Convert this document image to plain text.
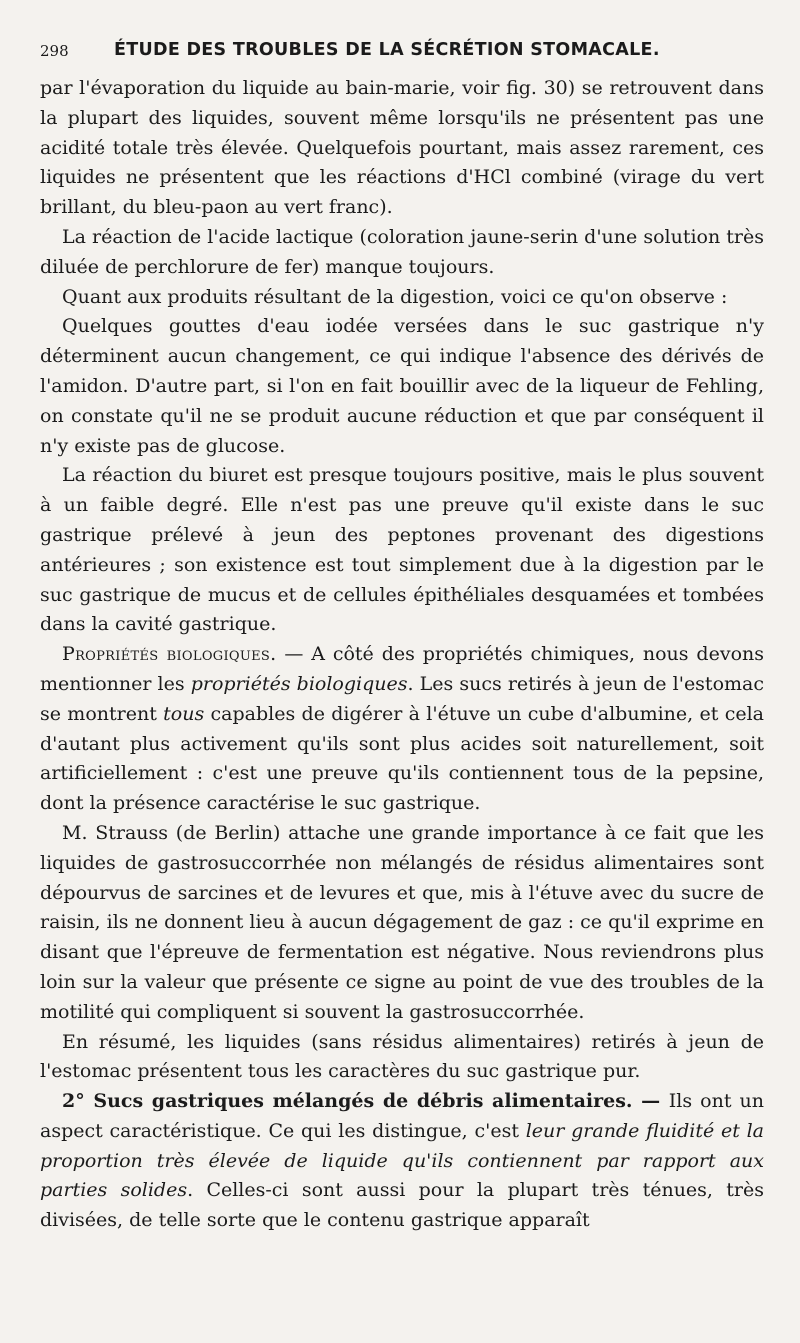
298	ÉTUDE DES TROUBLES DE LA SÉCRÉTION STOMACALE.

par l'évaporation du liquide au bain-marie, voir fig. 30) se retrouvent dans la plupart des liquides, souvent même lorsqu'ils ne présentent pas une acidité totale très élevée. Quelquefois pourtant, mais assez rarement, ces liquides ne présentent que les réactions d'HCl combiné (virage du vert brillant, du bleu-paon au vert franc).

La réaction de l'acide lactique (coloration jaune-serin d'une solution très diluée de perchlorure de fer) manque toujours.

Quant aux produits résultant de la digestion, voici ce qu'on observe :

Quelques gouttes d'eau iodée versées dans le suc gastrique n'y déterminent aucun changement, ce qui indique l'absence des dérivés de l'amidon. D'autre part, si l'on en fait bouillir avec de la liqueur de Fehling, on constate qu'il ne se produit aucune réduction et que par conséquent il n'y existe pas de glucose.

La réaction du biuret est presque toujours positive, mais le plus souvent à un faible degré. Elle n'est pas une preuve qu'il existe dans le suc gastrique prélevé à jeun des peptones provenant des digestions antérieures ; son existence est tout simplement due à la digestion par le suc gastrique de mucus et de cellules épithéliales desquamées et tombées dans la cavité gastrique.

Propriétés biologiques. — A côté des propriétés chimiques, nous devons mentionner les propriétés biologiques. Les sucs retirés à jeun de l'estomac se montrent tous capables de digérer à l'étuve un cube d'albumine, et cela d'autant plus activement qu'ils sont plus acides soit naturellement, soit artificiellement : c'est une preuve qu'ils contiennent tous de la pepsine, dont la présence caractérise le suc gastrique.

M. Strauss (de Berlin) attache une grande importance à ce fait que les liquides de gastrosuccorrhée non mélangés de résidus alimentaires sont dépourvus de sarcines et de levures et que, mis à l'étuve avec du sucre de raisin, ils ne donnent lieu à aucun dégagement de gaz : ce qu'il exprime en disant que l'épreuve de fermentation est négative. Nous reviendrons plus loin sur la valeur que présente ce signe au point de vue des troubles de la motilité qui compliquent si souvent la gastrosuccorrhée.

En résumé, les liquides (sans résidus alimentaires) retirés à jeun de l'estomac présentent tous les caractères du suc gastrique pur.

2° Sucs gastriques mélangés de débris alimentaires. — Ils ont un aspect caractéristique. Ce qui les distingue, c'est leur grande fluidité et la proportion très élevée de liquide qu'ils contiennent par rapport aux parties solides. Celles-ci sont aussi pour la plupart très ténues, très divisées, de telle sorte que le contenu gastrique apparaît
